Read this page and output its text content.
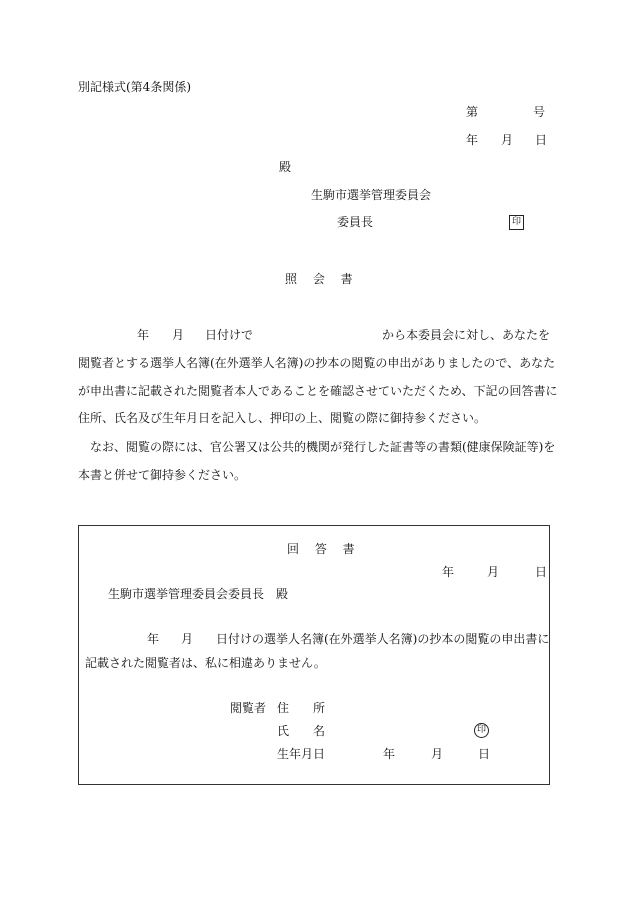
別記様式(第4条関係)
第	号
年 月 日
殿
生駒市選挙管理委員会
委員長	印
照 会 書
年 月 日付けで	から本委員会に対し、あなたを
閲覧者とする選挙人名簿(在外選挙人名簿)の抄本の閲覧の申出がありましたので、あなた
が申出書に記載された閲覧者本人であることを確認させていただくため、下記の回答書に
住所、氏名及び生年月日を記入し、押印の上、閲覧の際に御持参ください。
なお、閲覧の際には、官公署又は公共的機関が発行した証書等の書類(健康保険証等)を
本書と併せて御持参ください。
回 答 書
年	月	日
生駒市選挙管理委員会委員長　殿
年 月 日付けの選挙人名簿(在外選挙人名簿)の抄本の閲覧の申出書に
記載された閲覧者は、私に相違ありません。
閲覧者 住　　所
氏　　名	印
生年月日	年	月	日
